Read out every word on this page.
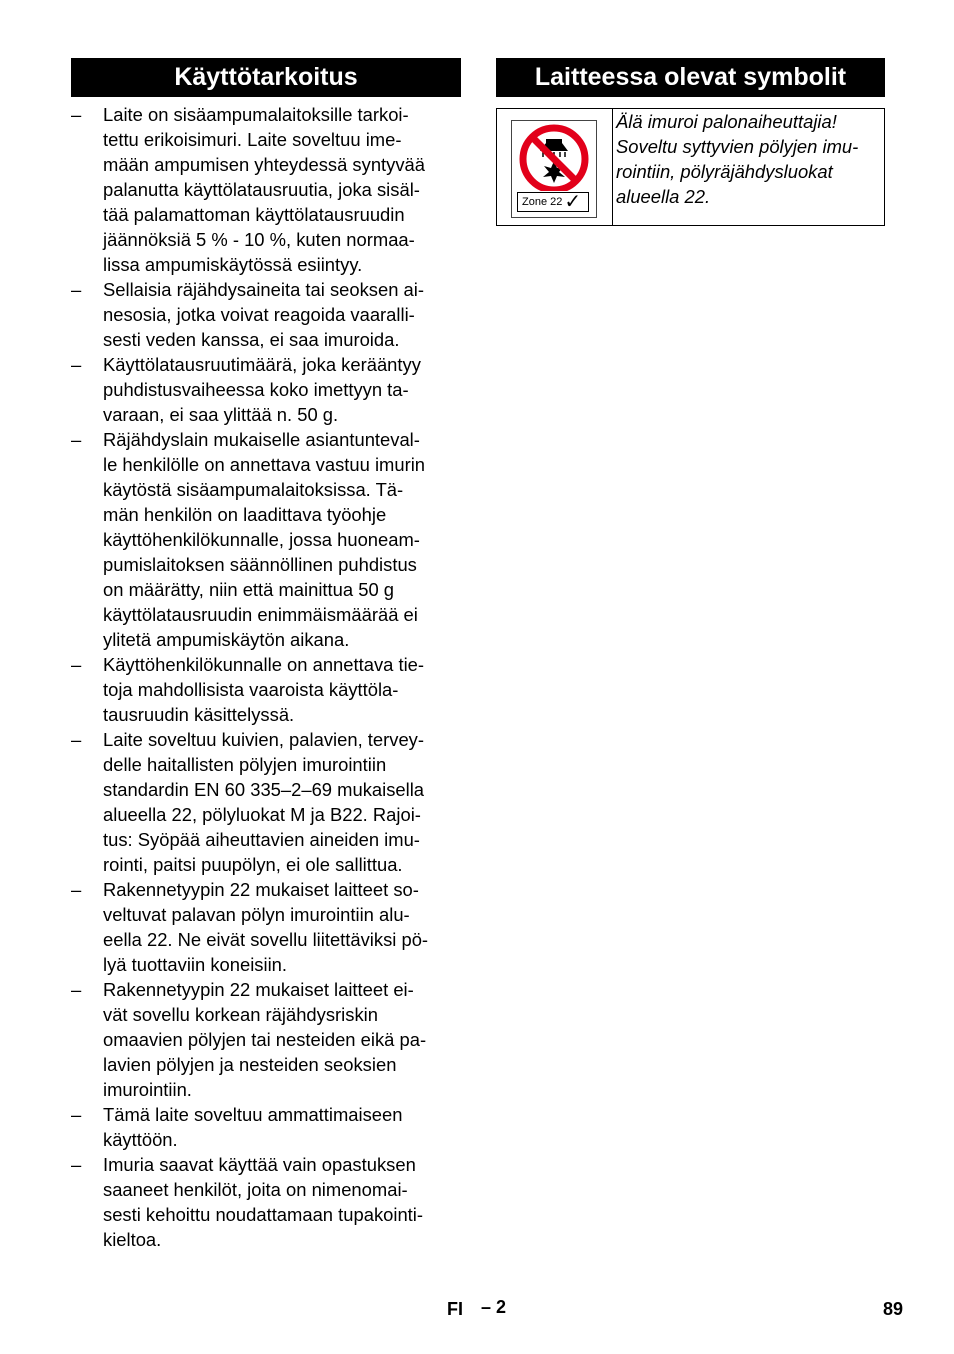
Käyttötarkoitus
– Laite on sisäampumalaitoksille tarkoi-
tettu erikoisimuri. Laite soveltuu ime-
mään ampumisen yhteydessä syntyvää
palanutta käyttölatausruutia, joka sisäl-
tää palamattoman käyttölatausruudin
jäännöksiä 5 % - 10 %, kuten normaa-
lissa ampumiskäytössä esiintyy.
– Sellaisia räjähdysaineita tai seoksen ai-
nesosia, jotka voivat reagoida vaaralli-
sesti veden kanssa, ei saa imuroida.
– Käyttölatausruutimäärä, joka kerääntyy
puhdistusvaiheessa koko imettyyn ta-
varaan, ei saa ylittää n. 50 g.
– Räjähdyslain mukaiselle asiantunteval-
le henkilölle on annettava vastuu imurin
käytöstä sisäampumalaitoksissa. Tä-
män henkilön on laadittava työohje
käyttöhenkilökunnalle, jossa huoneam-
pumislaitoksen säännöllinen puhdistus
on määrätty, niin että mainittua 50 g
käyttölatausruudin enimmäismäärää ei
ylitetä ampumiskäytön aikana.
– Käyttöhenkilökunnalle on annettava tie-
toja mahdollisista vaaroista käyttöla-
tausruudin käsittelyssä.
– Laite soveltuu kuivien, palavien, tervey-
delle haitallisten pölyjen imurointiin
standardin EN 60 335–2–69 mukaisella
alueella 22, pölyluokat M ja B22. Rajoi-
tus: Syöpää aiheuttavien aineiden imu-
rointi, paitsi puupölyn, ei ole sallittua.
– Rakennetyypin 22 mukaiset laitteet so-
veltuvat palavan pölyn imurointiin alu-
eella 22. Ne eivät sovellu liitettäviksi pö-
lyä tuottaviin koneisiin.
– Rakennetyypin 22 mukaiset laitteet ei-
vät sovellu korkean räjähdysriskin
omaavien pölyjen tai nesteiden eikä pa-
lavien pölyjen ja nesteiden seoksien
imurointiin.
– Tämä laite soveltuu ammattimaiseen
käyttöön.
– Imuria saavat käyttää vain opastuksen
saaneet henkilöt, joita on nimenomai-
sesti kehoittu noudattamaan tupakointi-
kieltoa.
Laitteessa olevat symbolit
Zone 22 ✓
Älä imuroi palonaiheuttajia!
Soveltu syttyvien pölyjen imu-
rointiin, pölyräjähdysluokat
alueella 22.
FI – 2	89
